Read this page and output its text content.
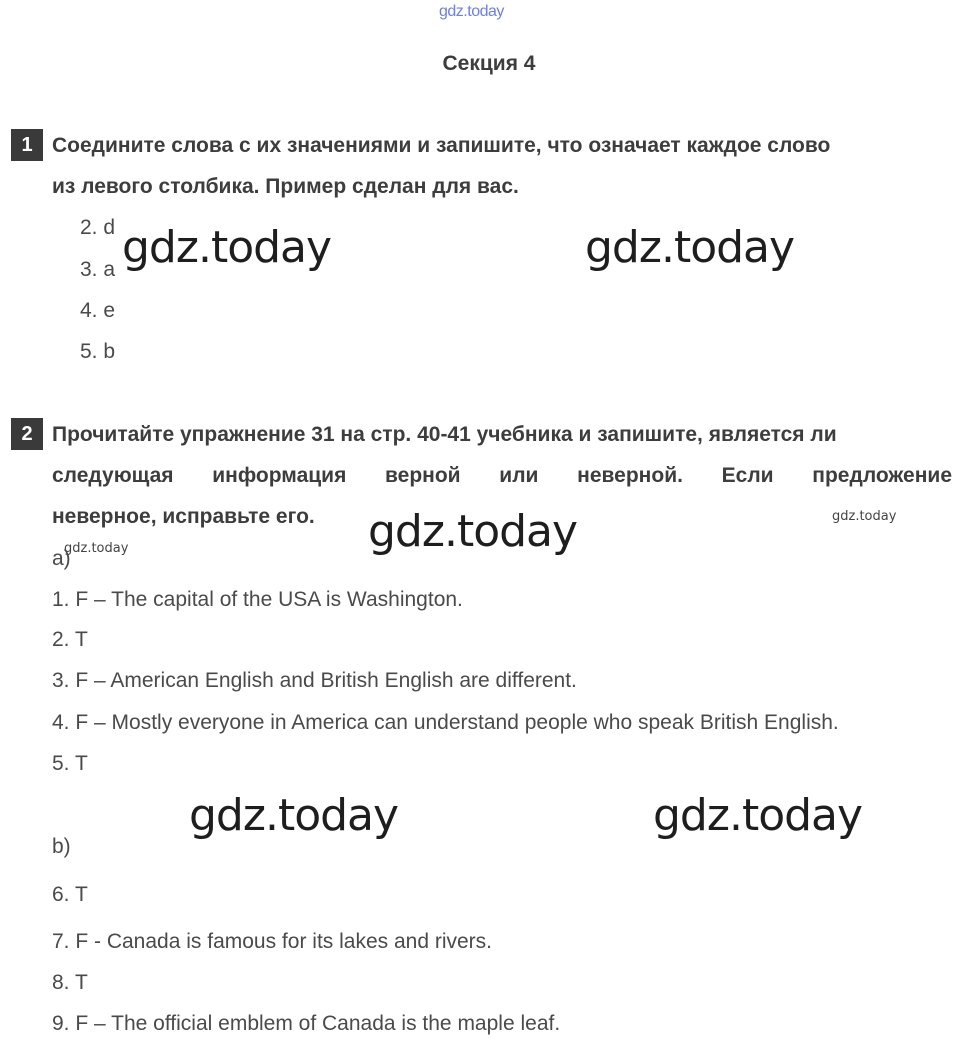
gdz.today
Секция 4
1 Соедините слова с их значениями и запишите, что означает каждое слово
из левого столбика. Пример сделан для вас.
2. d
3. a
4. e
5. b
gdz.today	gdz.today
2 Прочитайте упражнение 31 на стр. 40-41 учебника и запишите, является ли
следующая информация верной или неверной. Если предложение
неверное, исправьте его. gdz.today	gdz.today
gdz.today
a)
1. F – The capital of the USA is Washington.
2. T
3. F – American English and British English are different.
4. F – Mostly everyone in America can understand people who speak British English.
5. T
gdz.today	gdz.today
b)
6. T
7. F - Canada is famous for its lakes and rivers.
8. T
9. F – The official emblem of Canada is the maple leaf.
